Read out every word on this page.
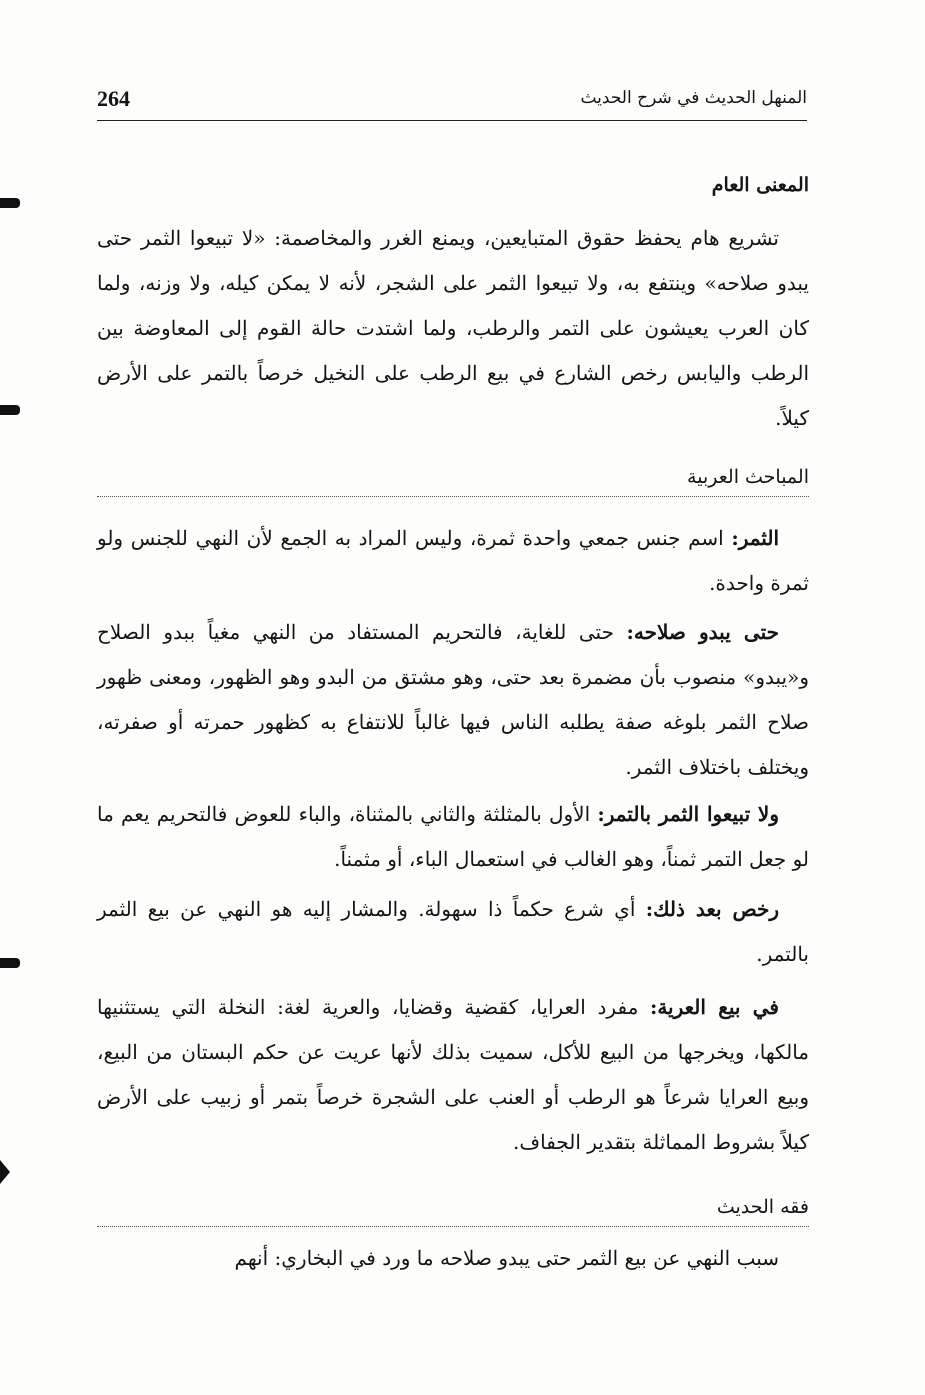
264	المنهل الحديث في شرح الحديث
المعنى العام
تشريع هام يحفظ حقوق المتبايعين، ويمنع الغرر والمخاصمة: «لا تبيعوا الثمر حتى يبدو صلاحه» وينتفع به، ولا تبيعوا الثمر على الشجر، لأنه لا يمكن كيله، ولا وزنه، ولما كان العرب يعيشون على التمر والرطب، ولما اشتدت حالة القوم إلى المعاوضة بين الرطب واليابس رخص الشارع في بيع الرطب على النخيل خرصاً بالتمر على الأرض كيلاً.
المباحث العربية
الثمر: اسم جنس جمعي واحدة ثمرة، وليس المراد به الجمع لأن النهي للجنس ولو ثمرة واحدة.
حتى يبدو صلاحه: حتى للغاية، فالتحريم المستفاد من النهي مغياً ببدو الصلاح و«يبدو» منصوب بأن مضمرة بعد حتى، وهو مشتق من البدو وهو الظهور، ومعنى ظهور صلاح الثمر بلوغه صفة يطلبه الناس فيها غالباً للانتفاع به كظهور حمرته أو صفرته، ويختلف باختلاف الثمر.
ولا تبيعوا الثمر بالتمر: الأول بالمثلثة والثاني بالمثناة، والباء للعوض فالتحريم يعم ما لو جعل التمر ثمناً، وهو الغالب في استعمال الباء، أو مثمناً.
رخص بعد ذلك: أي شرع حكماً ذا سهولة. والمشار إليه هو النهي عن بيع الثمر بالتمر.
في بيع العرية: مفرد العرايا، كقضية وقضايا، والعرية لغة: النخلة التي يستثنيها مالكها، ويخرجها من البيع للأكل، سميت بذلك لأنها عريت عن حكم البستان من البيع، وبيع العرايا شرعاً هو الرطب أو العنب على الشجرة خرصاً بتمر أو زبيب على الأرض كيلاً بشروط المماثلة بتقدير الجفاف.
فقه الحديث
سبب النهي عن بيع الثمر حتى يبدو صلاحه ما ورد في البخاري: أنهم
